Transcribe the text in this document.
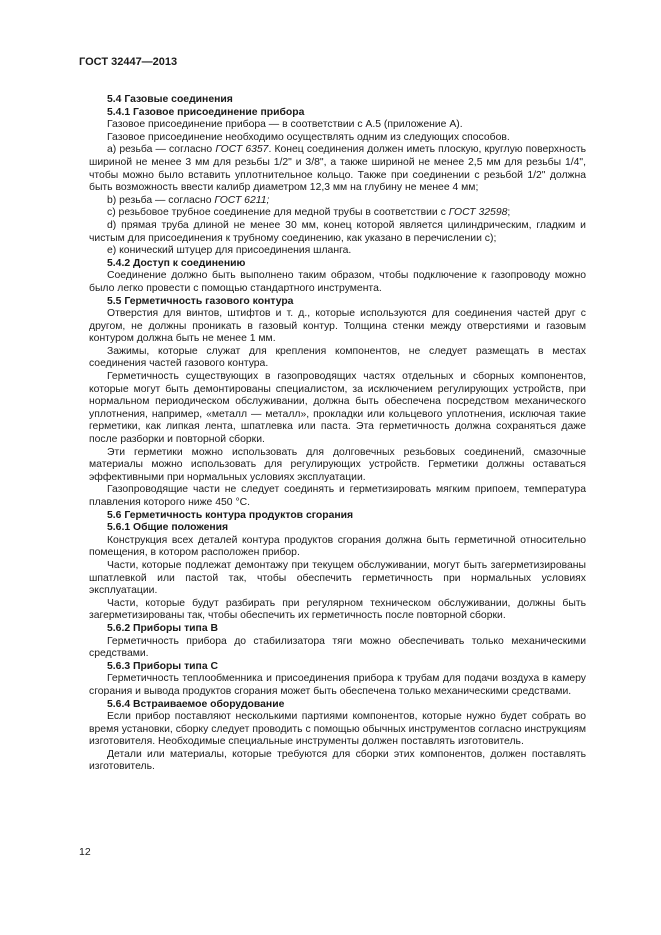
ГОСТ 32447—2013

5.4 Газовые соединения

5.4.1 Газовое присоединение прибора

Газовое присоединение прибора — в соответствии с А.5 (приложение А).

Газовое присоединение необходимо осуществлять одним из следующих способов.

а) резьба — согласно ГОСТ 6357. Конец соединения должен иметь плоскую, круглую поверхность шириной не менее 3 мм для резьбы 1/2" и 3/8", а также шириной не менее 2,5 мм для резьбы 1/4", чтобы можно было вставить уплотнительное кольцо. Также при соединении с резьбой 1/2" должна быть возможность ввести калибр диаметром 12,3 мм на глубину не менее 4 мм;

b) резьба — согласно ГОСТ 6211;

с) резьбовое трубное соединение для медной трубы в соответствии с ГОСТ 32598;

d) прямая труба длиной не менее 30 мм, конец которой является цилиндрическим, гладким и чистым для присоединения к трубному соединению, как указано в перечислении с);

е) конический штуцер для присоединения шланга.

5.4.2 Доступ к соединению

Соединение должно быть выполнено таким образом, чтобы подключение к газопроводу можно было легко провести с помощью стандартного инструмента.

5.5 Герметичность газового контура

Отверстия для винтов, штифтов и т. д., которые используются для соединения частей друг с другом, не должны проникать в газовый контур. Толщина стенки между отверстиями и газовым контуром должна быть не менее 1 мм.

Зажимы, которые служат для крепления компонентов, не следует размещать в местах соединения частей газового контура.

Герметичность существующих в газопроводящих частях отдельных и сборных компонентов, которые могут быть демонтированы специалистом, за исключением регулирующих устройств, при нормальном периодическом обслуживании, должна быть обеспечена посредством механического уплотнения, например, «металл — металл», прокладки или кольцевого уплотнения, исключая такие герметики, как липкая лента, шпатлевка или паста. Эта герметичность должна сохраняться даже после разборки и повторной сборки.

Эти герметики можно использовать для долговечных резьбовых соединений, смазочные материалы можно использовать для регулирующих устройств. Герметики должны оставаться эффективными при нормальных условиях эксплуатации.

Газопроводящие части не следует соединять и герметизировать мягким припоем, температура плавления которого ниже 450 °С.

5.6 Герметичность контура продуктов сгорания

5.6.1 Общие положения

Конструкция всех деталей контура продуктов сгорания должна быть герметичной относительно помещения, в котором расположен прибор.

Части, которые подлежат демонтажу при текущем обслуживании, могут быть загерметизированы шпатлевкой или пастой так, чтобы обеспечить герметичность при нормальных условиях эксплуатации.

Части, которые будут разбирать при регулярном техническом обслуживании, должны быть загерметизированы так, чтобы обеспечить их герметичность после повторной сборки.

5.6.2 Приборы типа В

Герметичность прибора до стабилизатора тяги можно обеспечивать только механическими средствами.

5.6.3 Приборы типа С

Герметичность теплообменника и присоединения прибора к трубам для подачи воздуха в камеру сгорания и вывода продуктов сгорания может быть обеспечена только механическими средствами.

5.6.4 Встраиваемое оборудование

Если прибор поставляют несколькими партиями компонентов, которые нужно будет собрать во время установки, сборку следует проводить с помощью обычных инструментов согласно инструкциям изготовителя. Необходимые специальные инструменты должен поставлять изготовитель.

Детали или материалы, которые требуются для сборки этих компонентов, должен поставлять изготовитель.

12
